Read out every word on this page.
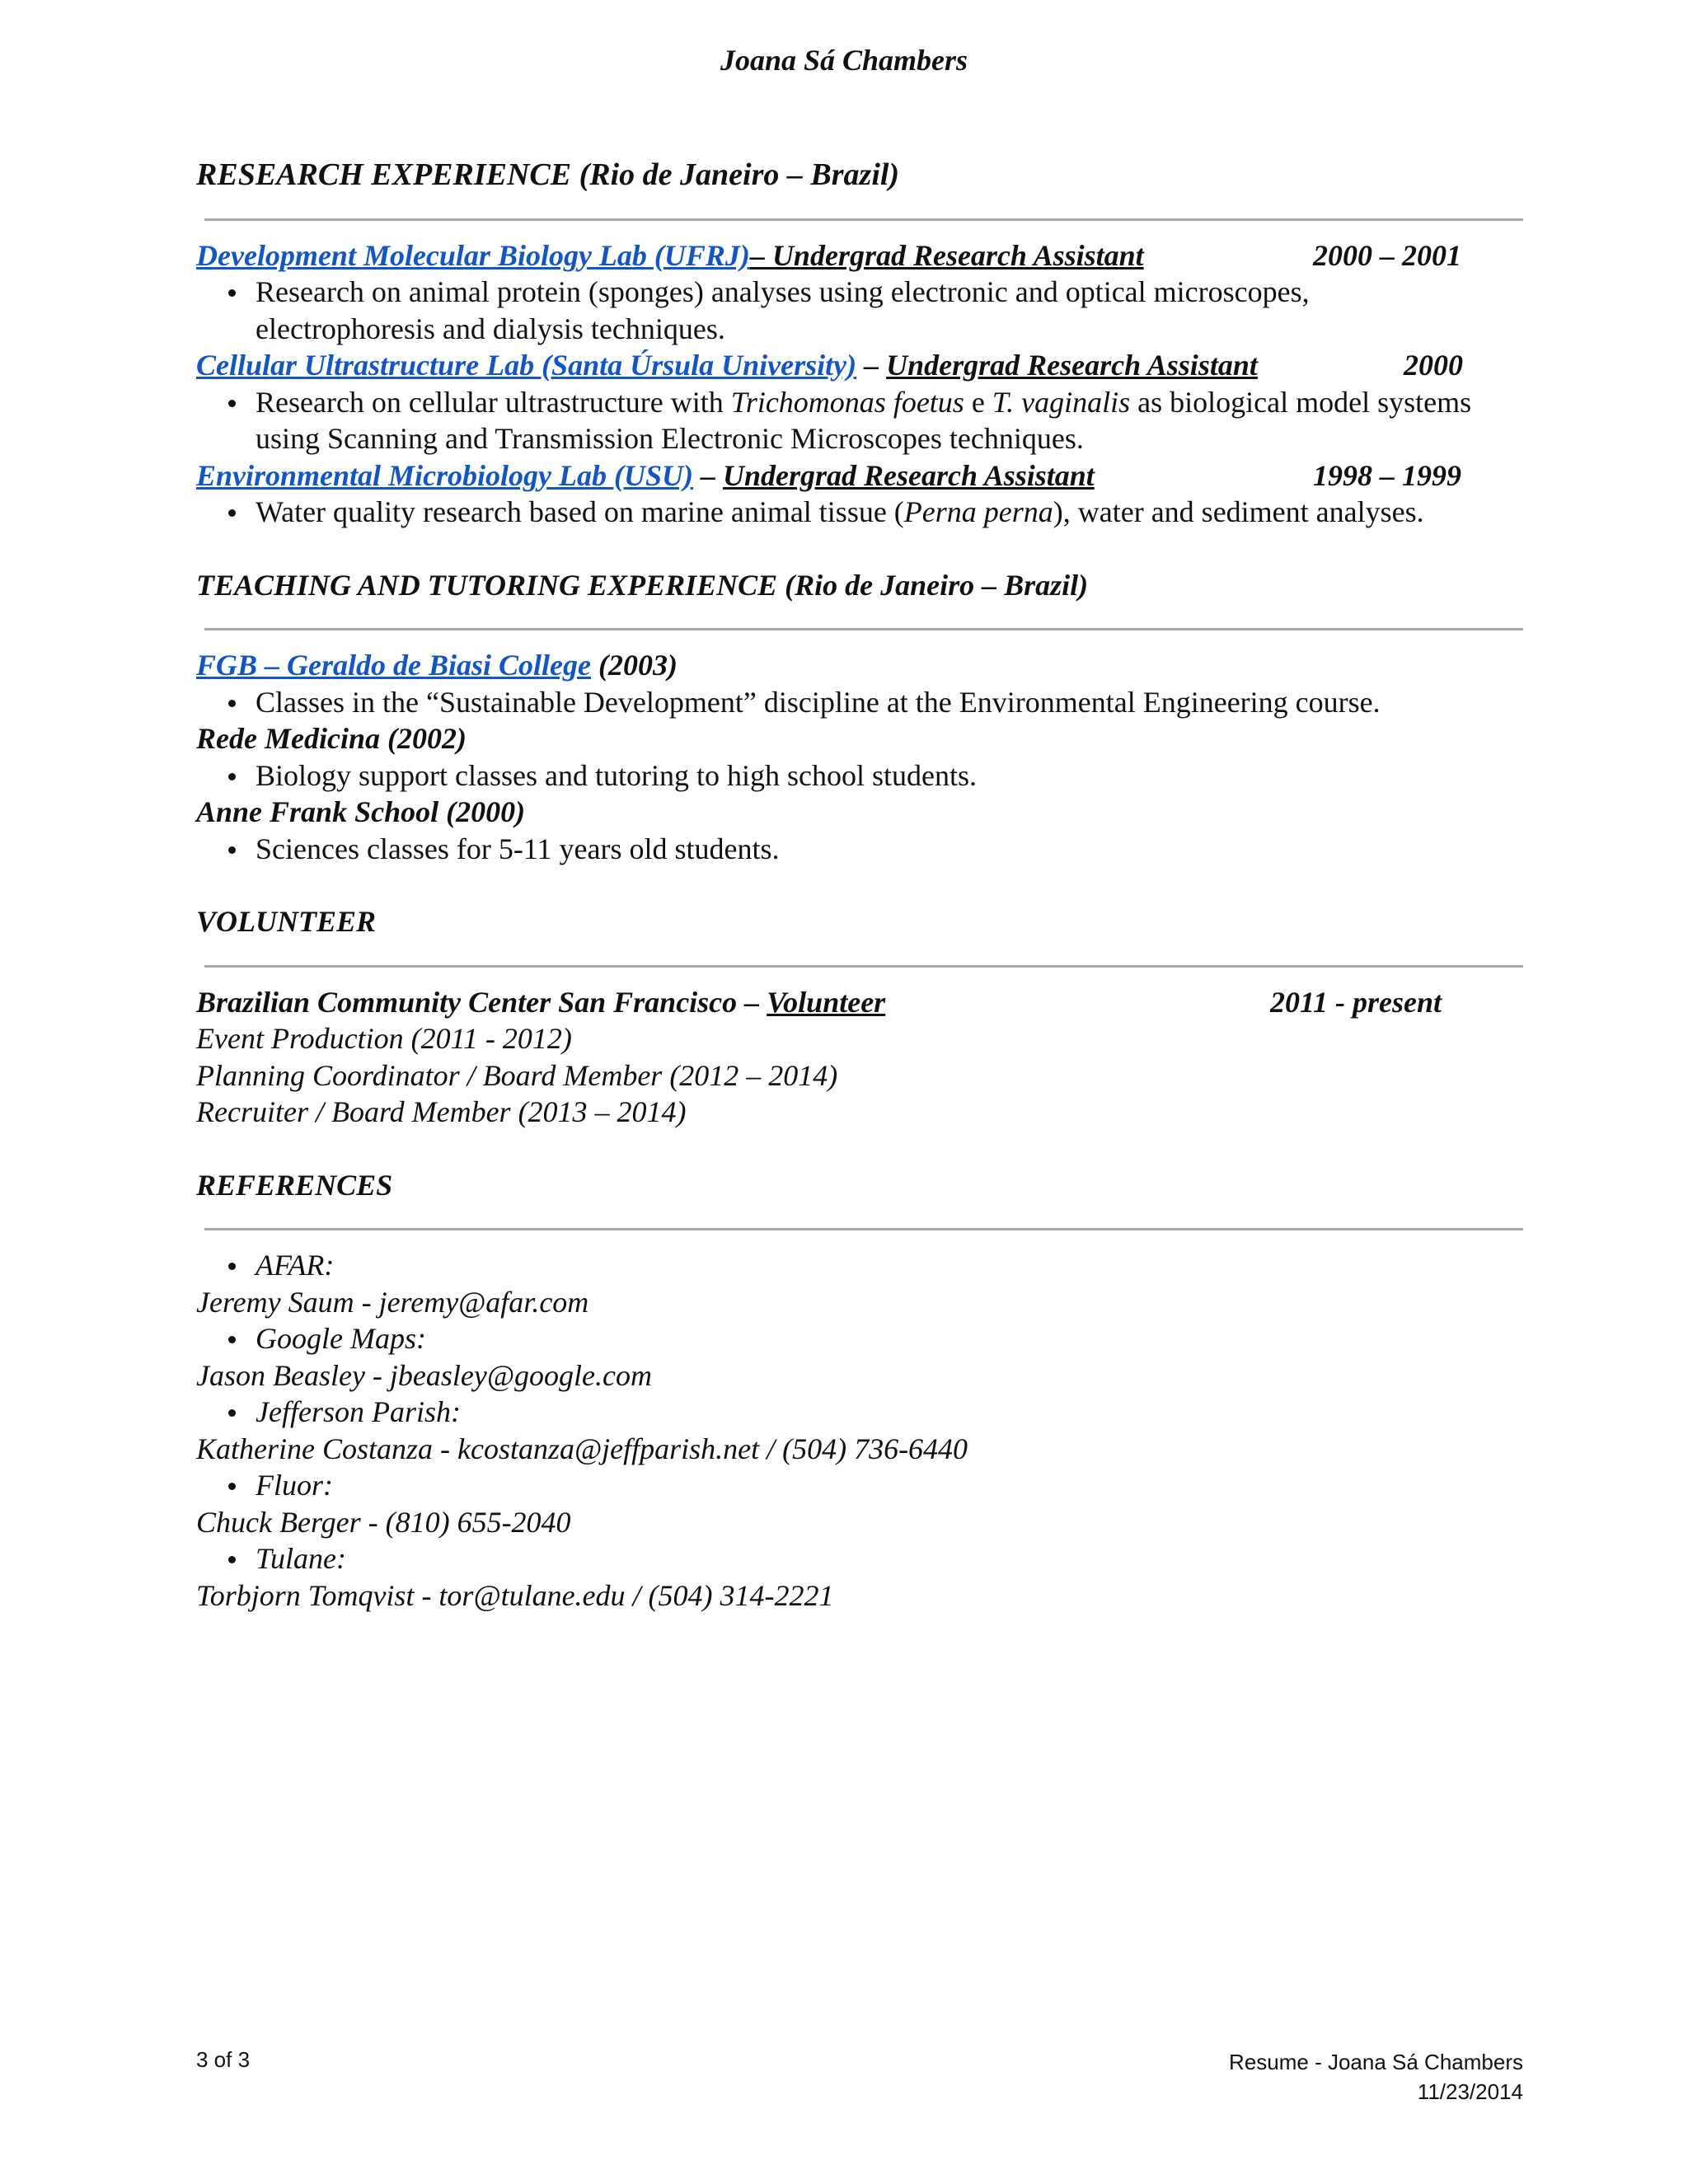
Joana Sá Chambers
RESEARCH EXPERIENCE (Rio de Janeiro – Brazil)
Development Molecular Biology Lab (UFRJ)– Undergrad Research Assistant	2000 – 2001
Research on animal protein (sponges) analyses using electronic and optical microscopes, electrophoresis and dialysis techniques.
Cellular Ultrastructure Lab (Santa Úrsula University) – Undergrad Research Assistant	2000
Research on cellular ultrastructure with Trichomonas foetus e T. vaginalis as biological model systems using Scanning and Transmission Electronic Microscopes techniques.
Environmental Microbiology Lab (USU) – Undergrad Research Assistant	1998 – 1999
Water quality research based on marine animal tissue (Perna perna), water and sediment analyses.
TEACHING AND TUTORING EXPERIENCE (Rio de Janeiro – Brazil)
FGB – Geraldo de Biasi College (2003)
Classes in the “Sustainable Development” discipline at the Environmental Engineering course.
Rede Medicina (2002)
Biology support classes and tutoring to high school students.
Anne Frank School (2000)
Sciences classes for 5-11 years old students.
VOLUNTEER
Brazilian Community Center San Francisco – Volunteer	2011 - present
Event Production (2011 - 2012)
Planning Coordinator / Board Member (2012 – 2014)
Recruiter / Board Member (2013 – 2014)
REFERENCES
AFAR:
Jeremy Saum - jeremy@afar.com
Google Maps:
Jason Beasley - jbeasley@google.com
Jefferson Parish:
Katherine Costanza - kcostanza@jeffparish.net / (504) 736-6440
Fluor:
Chuck Berger - (810) 655-2040
Tulane:
Torbjorn Tomqvist - tor@tulane.edu / (504) 314-2221
3 of 3	Resume - Joana Sá Chambers
11/23/2014
